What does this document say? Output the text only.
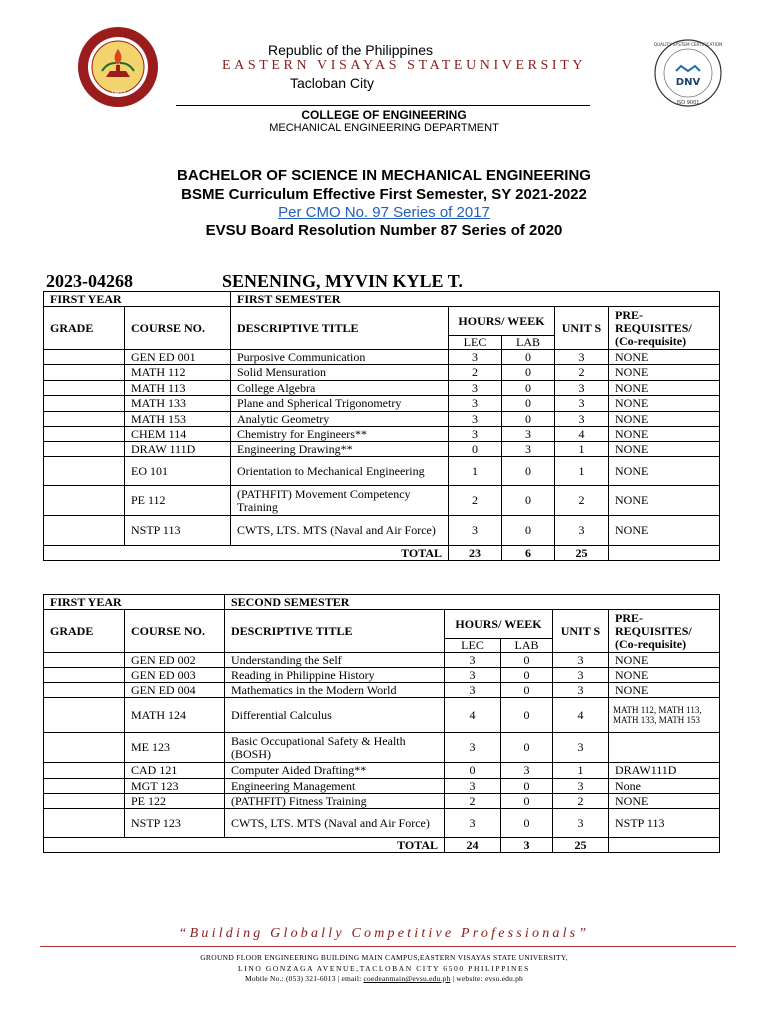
1907
DNV
ISO 9001
QUALITY SYSTEM CERTIFICATION
Republic of the Philippines
EASTERN VISAYAS STATEUNIVERSITY
Tacloban City
COLLEGE OF ENGINEERING
MECHANICAL ENGINEERING DEPARTMENT
BACHELOR OF SCIENCE IN MECHANICAL ENGINEERING
BSME Curriculum Effective First Semester, SY 2021-2022
Per CMO No. 97 Series of 2017
EVSU Board Resolution Number 87 Series of 2020
2023-04268	SENENING, MYVIN KYLE T.
FIRST YEAR		FIRST SEMESTER				
GRADE	COURSE NO.	DESCRIPTIVE TITLE	HOURS/ WEEK		UNIT S	PRE-REQUISITES/ (Co-requisite)
			LEC	LAB		
	GEN ED 001	Purposive Communication	3	0	3	NONE
	MATH 112	Solid Mensuration	2	0	2	NONE
	MATH 113	College Algebra	3	0	3	NONE
	MATH 133	Plane and Spherical Trigonometry	3	0	3	NONE
	MATH 153	Analytic Geometry	3	0	3	NONE
	CHEM 114	Chemistry for Engineers**	3	3	4	NONE
	DRAW 111D	Engineering Drawing**	0	3	1	NONE
	EO 101	Orientation to Mechanical Engineering	1	0	1	NONE
	PE 112	(PATHFIT) Movement Competency Training	2	0	2	NONE
	NSTP 113	CWTS, LTS. MTS (Naval and Air Force)	3	0	3	NONE
TOTAL			23	6	25	
FIRST YEAR		SECOND SEMESTER				
GRADE	COURSE NO.	DESCRIPTIVE TITLE	HOURS/ WEEK		UNIT S	PRE-REQUISITES/ (Co-requisite)
			LEC	LAB		
	GEN ED 002	Understanding the Self	3	0	3	NONE
	GEN ED 003	Reading in Philippine History	3	0	3	NONE
	GEN ED 004	Mathematics in the Modern World	3	0	3	NONE
	MATH 124	Differential Calculus	4	0	4	MATH 112, MATH 113, MATH 133, MATH 153
	ME 123	Basic Occupational Safety & Health (BOSH)	3	0	3	
	CAD 121	Computer Aided Drafting**	0	3	1	DRAW111D
	MGT 123	Engineering Management	3	0	3	None
	PE 122	(PATHFIT) Fitness Training	2	0	2	NONE
	NSTP 123	CWTS, LTS. MTS (Naval and Air Force)	3	0	3	NSTP 113
TOTAL			24	3	25	
“Building Globally Competitive Professionals”
GROUND FLOOR ENGINEERING BUILDING MAIN CAMPUS,EASTERN VISAYAS STATE UNIVERSITY,
LINO GONZAGA AVENUE,TACLOBAN CITY 6500 PHILIPPINES
Mobile No.: (053) 321-6013 | email: coedeanmain@evsu.edu.ph | website: evsu.edu.ph
